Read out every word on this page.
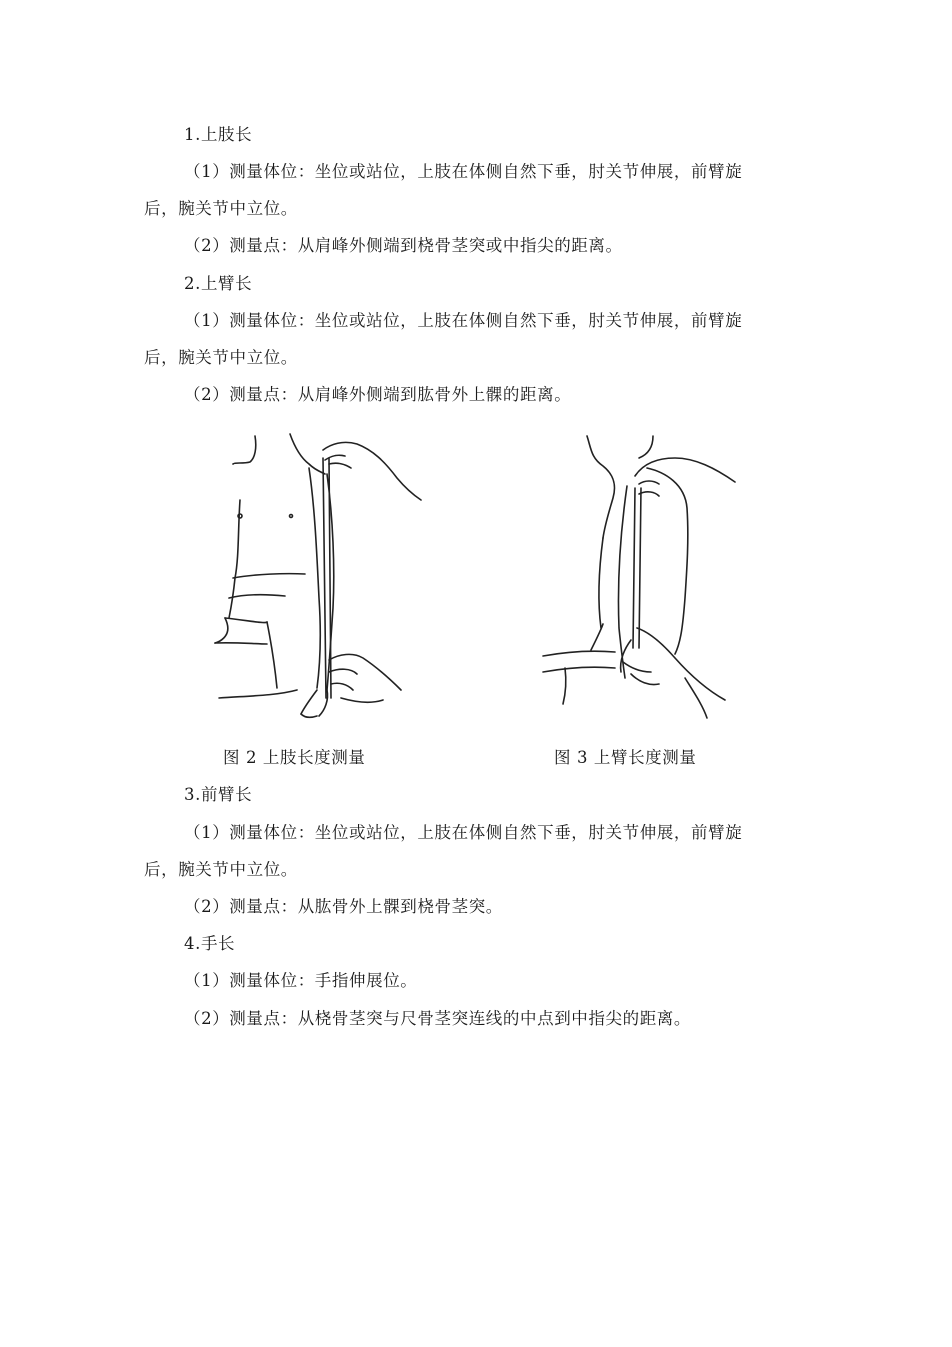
1.上肢长
（1）测量体位：坐位或站位，上肢在体侧自然下垂，肘关节伸展，前臂旋
后，腕关节中立位。
（2）测量点：从肩峰外侧端到桡骨茎突或中指尖的距离。
2.上臂长
（1）测量体位：坐位或站位，上肢在体侧自然下垂，肘关节伸展，前臂旋
后，腕关节中立位。
（2）测量点：从肩峰外侧端到肱骨外上髁的距离。
图 2 上肢长度测量	图 3 上臂长度测量
3.前臂长
（1）测量体位：坐位或站位，上肢在体侧自然下垂，肘关节伸展，前臂旋
后，腕关节中立位。
（2）测量点：从肱骨外上髁到桡骨茎突。
4.手长
（1）测量体位：手指伸展位。
（2）测量点：从桡骨茎突与尺骨茎突连线的中点到中指尖的距离。
